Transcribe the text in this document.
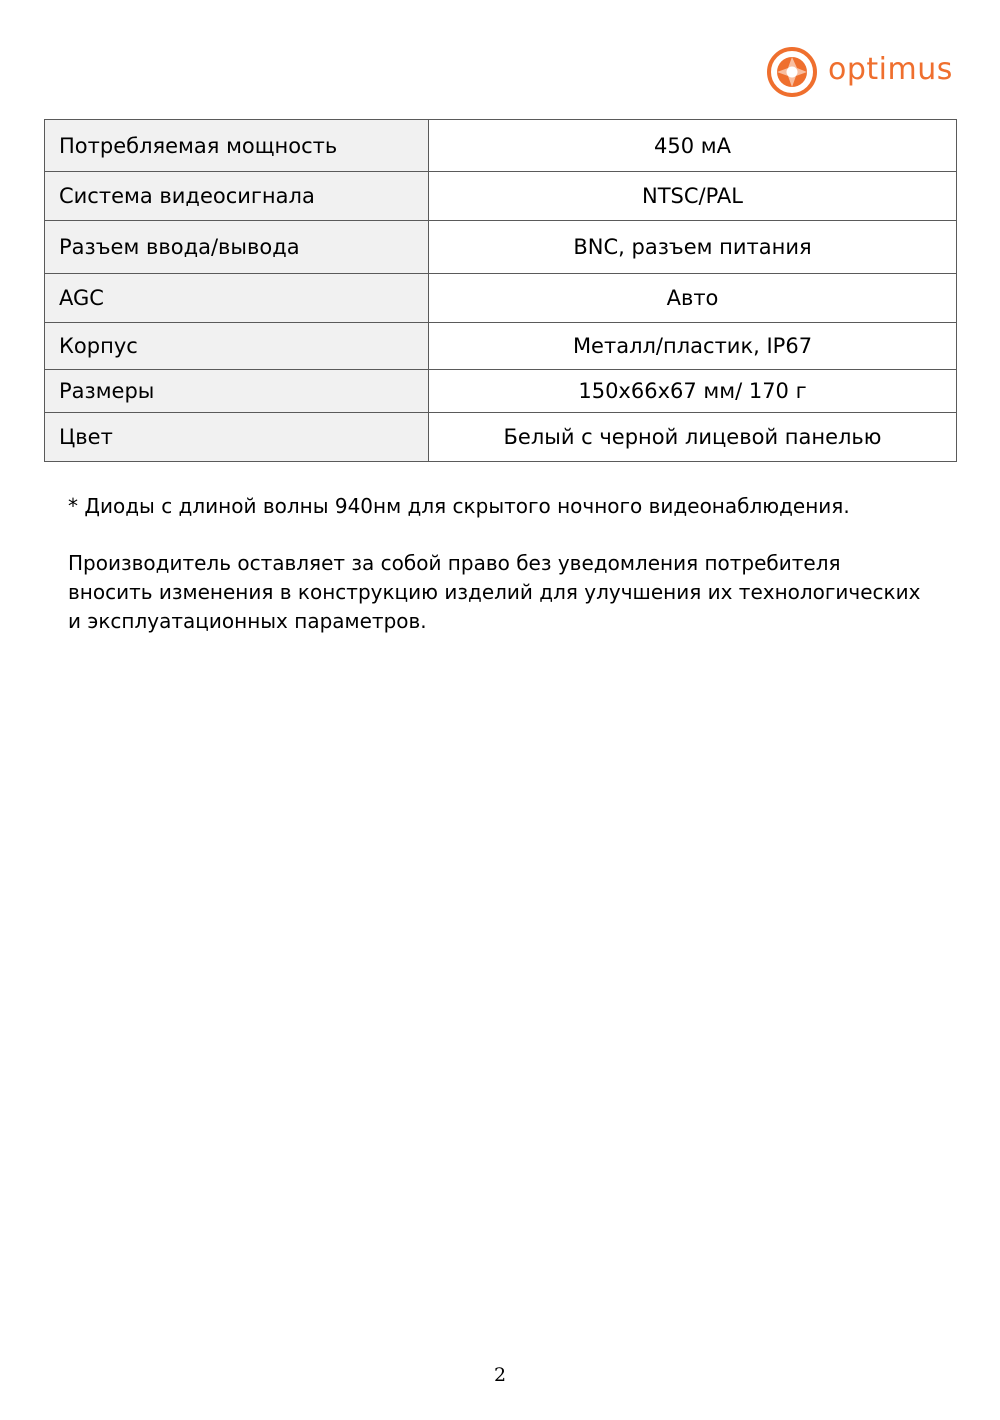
optimus
Потребляемая мощность	450 мА
Система видеосигнала	NTSC/PAL
Разъем ввода/вывода	BNC, разъем питания
AGC	Авто
Корпус	Металл/пластик, IP67
Размеры	150x66x67 мм/ 170 г
Цвет	Белый с черной лицевой панелью

* Диоды с длиной волны 940нм для скрытого ночного видеонаблюдения.

Производитель оставляет за собой право без уведомления потребителя вносить изменения в конструкцию изделий для улучшения их технологических и эксплуатационных параметров.

2
